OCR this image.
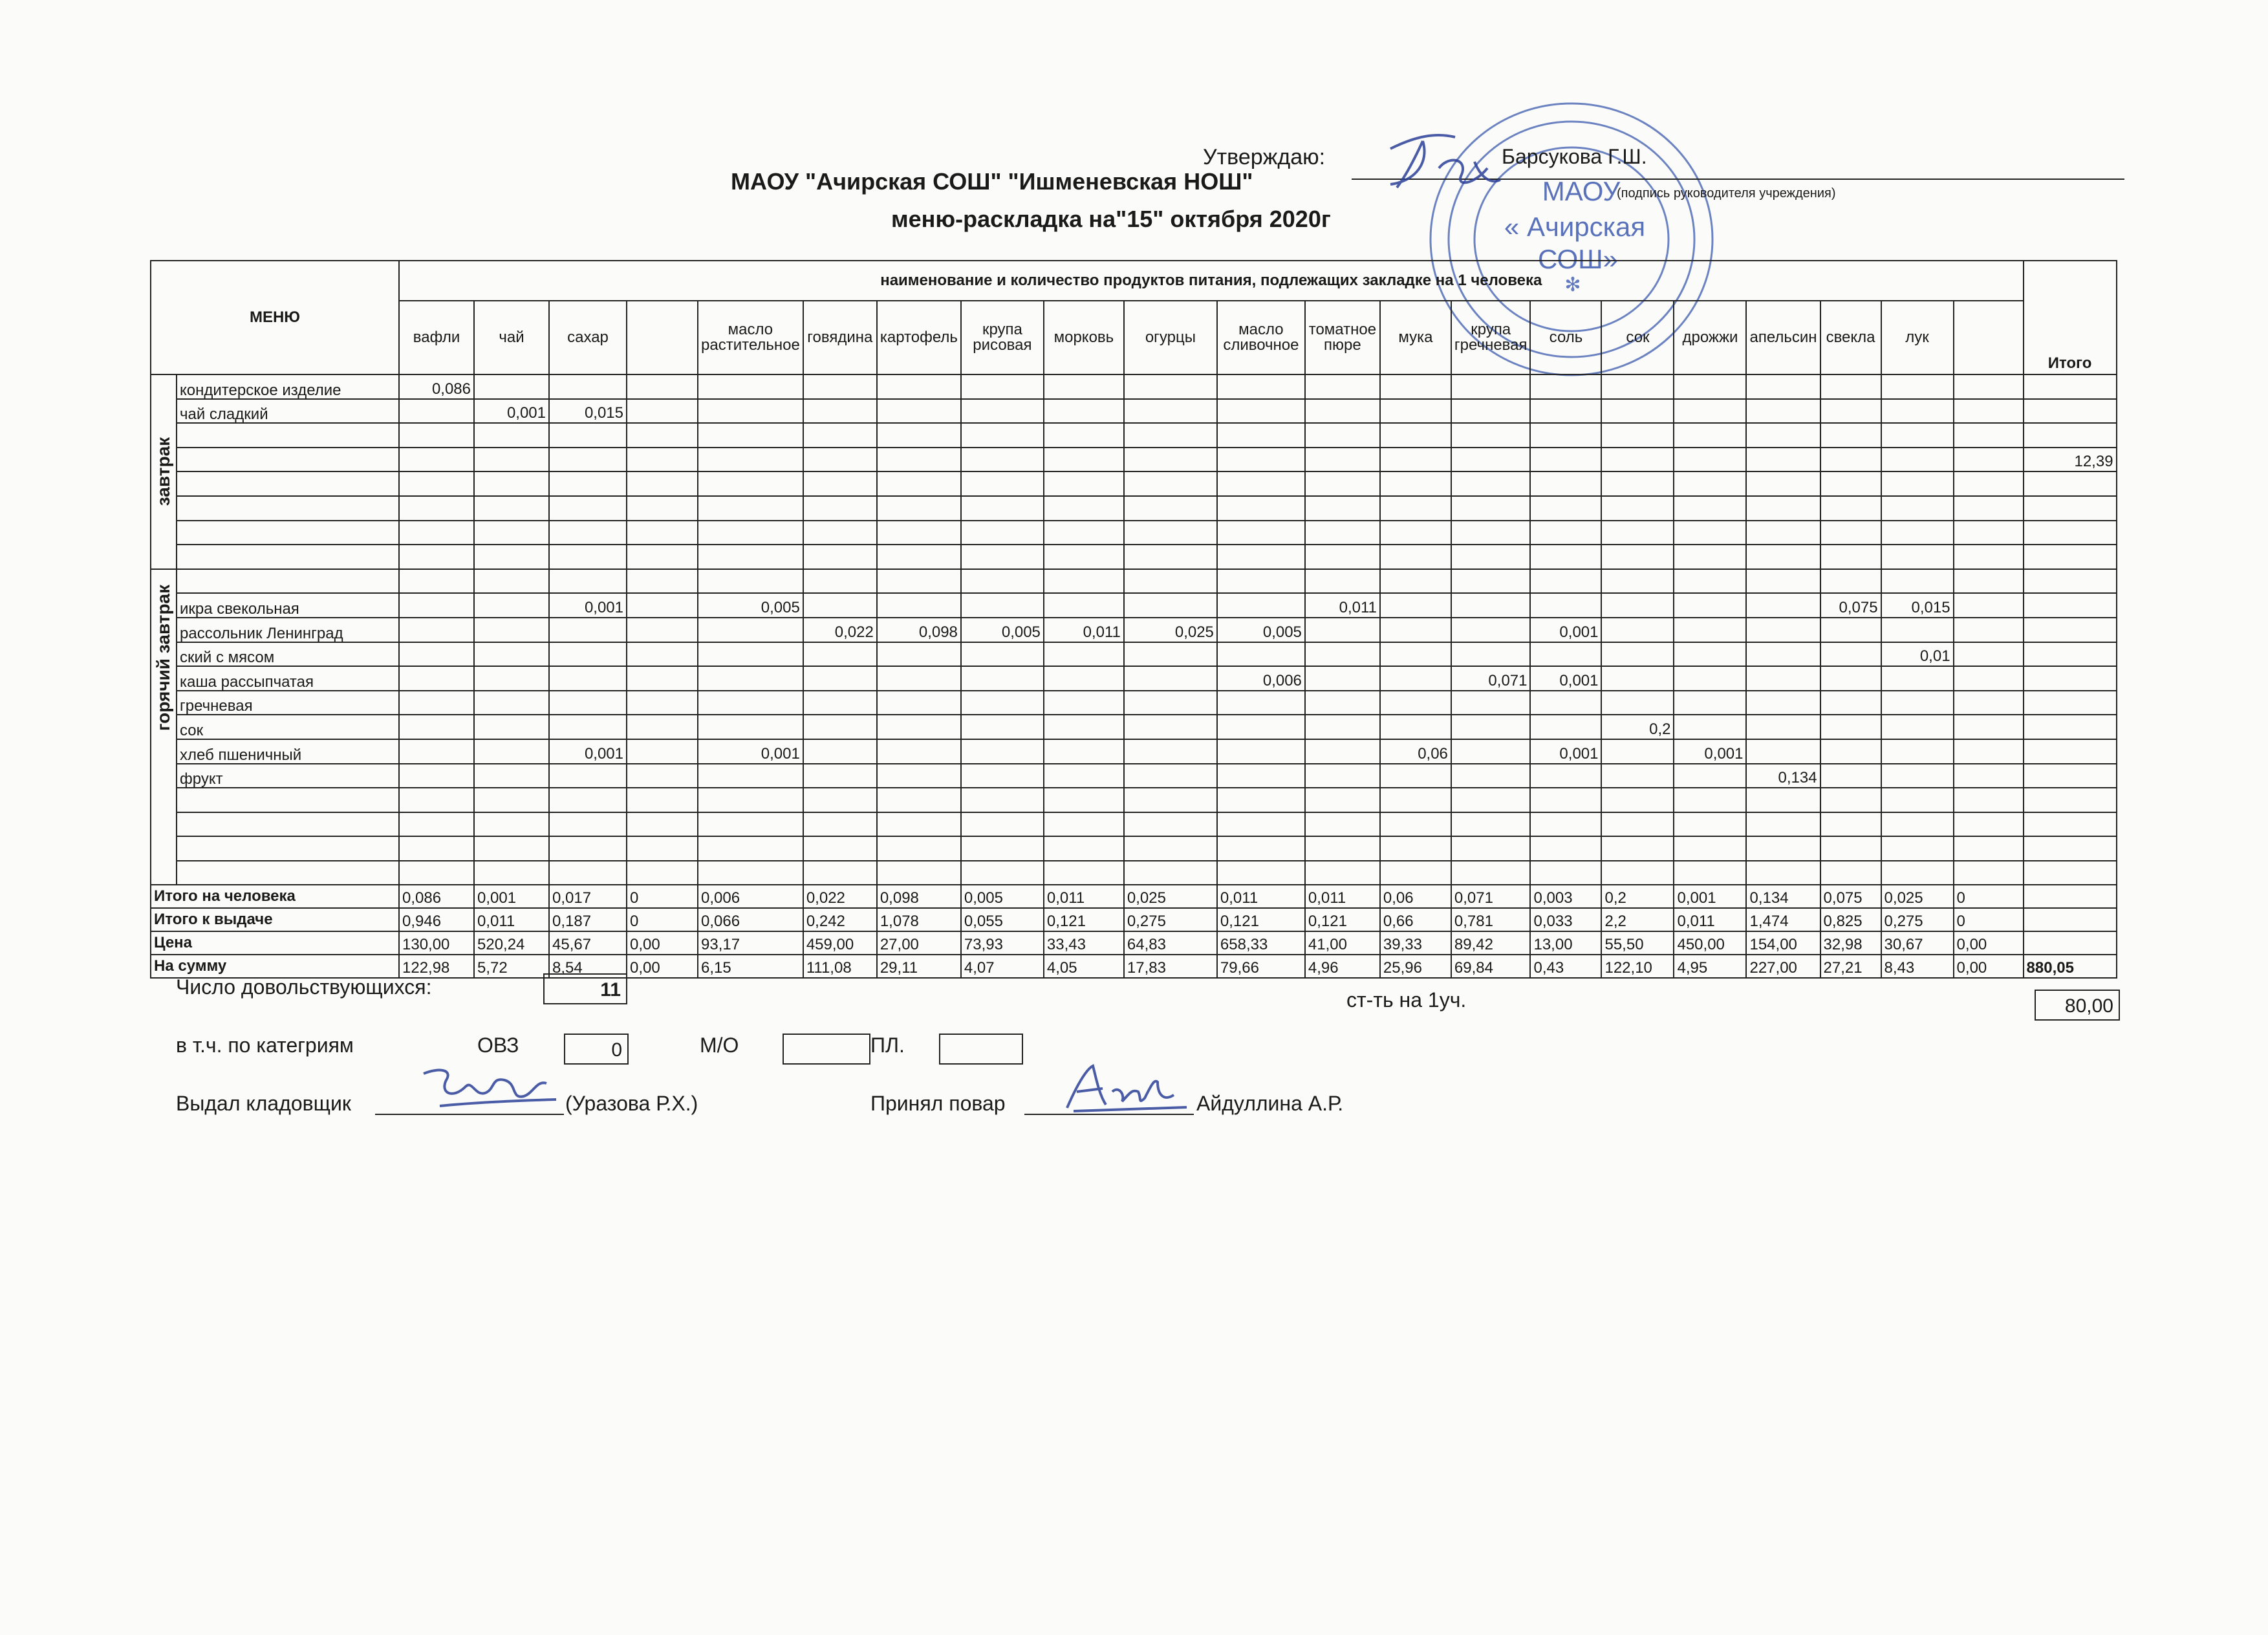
МАОУ
« Ачирская
СОШ»
✻
Утверждаю:	Барсукова Г.Ш.
(подпись руководителя учреждения)
МАОУ "Ачирская СОШ" "Ишменевская НОШ"
меню-раскладка на"15" октября 2020г
МЕНЮ		наименование и количество продуктов питания, подлежащих закладке на 1 человека																					Итого
		вафли	чай	сахар		масло растительное	говядина	картофель	крупа рисовая	морковь	огурцы	масло сливочное	томатное пюре	мука	крупа гречневая	соль	сок	дрожжи	апельсин	свекла	лук		

завтрак	кондитерское изделие	0,086																					
	чай сладкий		0,001	0,015																			

																							12,39

горячий завтрак																							

	икра свекольная			0,001		0,005							0,011							0,075	0,015		
	рассольник Ленинград						0,022	0,098	0,005	0,011	0,025	0,005				0,001							
	ский с мясом																				0,01		
	каша рассыпчатая											0,006			0,071	0,001							
	гречневая																						
	сок																0,2						
	хлеб пшеничный			0,001		0,001								0,06		0,001		0,001					
	фрукт																		0,134				

Итого на человека		0,086	0,001	0,017	0	0,006	0,022	0,098	0,005	0,011	0,025	0,011	0,011	0,06	0,071	0,003	0,2	0,001	0,134	0,075	0,025	0	
Итого к выдаче		0,946	0,011	0,187	0	0,066	0,242	1,078	0,055	0,121	0,275	0,121	0,121	0,66	0,781	0,033	2,2	0,011	1,474	0,825	0,275	0	
Цена		130,00	520,24	45,67	0,00	93,17	459,00	27,00	73,93	33,43	64,83	658,33	41,00	39,33	89,42	13,00	55,50	450,00	154,00	32,98	30,67	0,00	
На сумму		122,98	5,72	8,54	0,00	6,15	111,08	29,11	4,07	4,05	17,83	79,66	4,96	25,96	69,84	0,43	122,10	4,95	227,00	27,21	8,43	0,00	880,05
Число довольствующихся:	11	ст-ть на 1уч.	80,00
в т.ч. по категриям	ОВЗ	0	М/О	ПЛ.
Выдал кладовщик	(Уразова Р.Х.)	Принял повар	Айдуллина А.Р.
